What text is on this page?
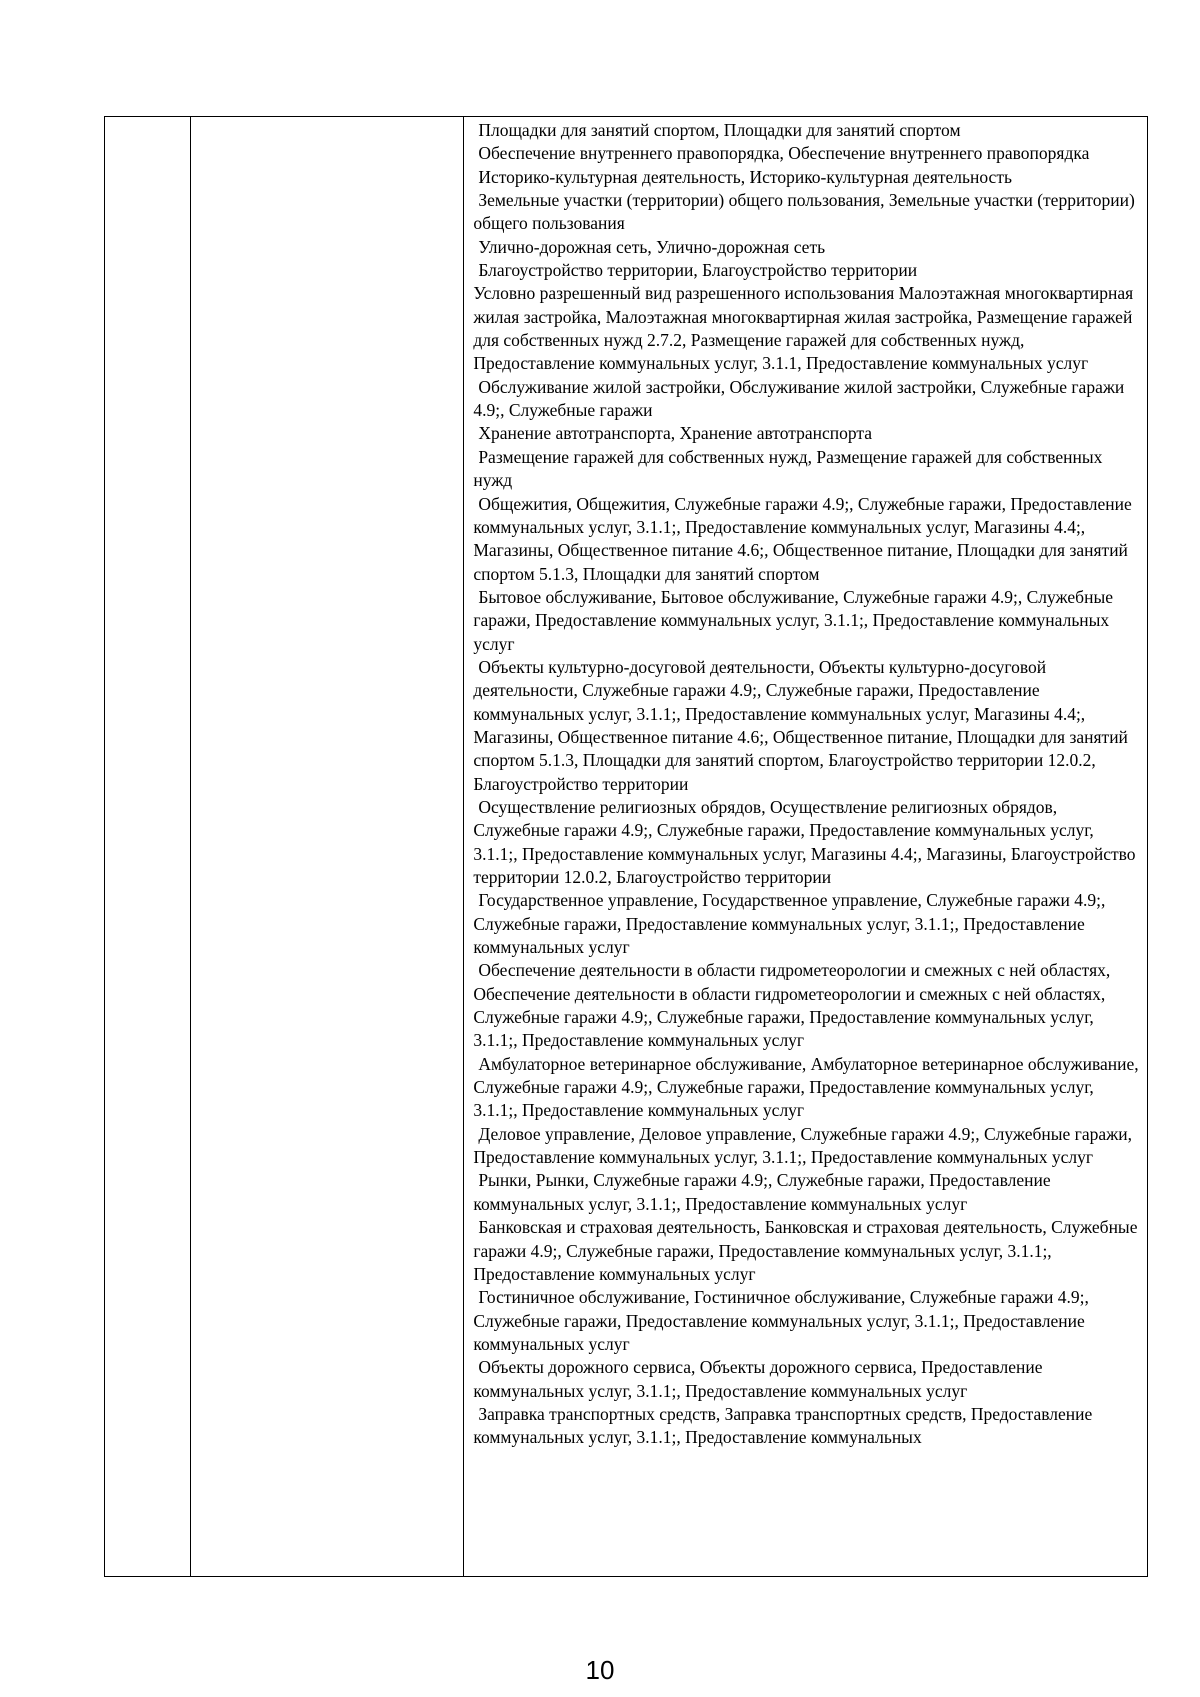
Площадки для занятий спортом, Площадки для занятий спортом

Обеспечение внутреннего правопорядка, Обеспечение внутреннего правопорядка

Историко-культурная деятельность, Историко-культурная деятельность

Земельные участки (территории) общего пользования, Земельные участки (территории) общего пользования

Улично-дорожная сеть, Улично-дорожная сеть

Благоустройство территории, Благоустройство территории

Условно разрешенный вид разрешенного использования Малоэтажная многоквартирная жилая застройка, Малоэтажная многоквартирная жилая застройка, Размещение гаражей для собственных нужд 2.7.2, Размещение гаражей для собственных нужд, Предоставление коммунальных услуг, 3.1.1, Предоставление коммунальных услуг

Обслуживание жилой застройки, Обслуживание жилой застройки, Служебные гаражи 4.9;, Служебные гаражи

Хранение автотранспорта, Хранение автотранспорта

Размещение гаражей для собственных нужд, Размещение гаражей для собственных нужд

Общежития, Общежития, Служебные гаражи 4.9;, Служебные гаражи, Предоставление коммунальных услуг, 3.1.1;, Предоставление коммунальных услуг, Магазины 4.4;, Магазины, Общественное питание 4.6;, Общественное питание, Площадки для занятий спортом 5.1.3, Площадки для занятий спортом

Бытовое обслуживание, Бытовое обслуживание, Служебные гаражи 4.9;, Служебные гаражи, Предоставление коммунальных услуг, 3.1.1;, Предоставление коммунальных услуг

Объекты культурно-досуговой деятельности, Объекты культурно-досуговой деятельности, Служебные гаражи 4.9;, Служебные гаражи, Предоставление коммунальных услуг, 3.1.1;, Предоставление коммунальных услуг, Магазины 4.4;, Магазины, Общественное питание 4.6;, Общественное питание, Площадки для занятий спортом 5.1.3, Площадки для занятий спортом, Благоустройство территории 12.0.2, Благоустройство территории

Осуществление религиозных обрядов, Осуществление религиозных обрядов, Служебные гаражи 4.9;, Служебные гаражи, Предоставление коммунальных услуг, 3.1.1;, Предоставление коммунальных услуг, Магазины 4.4;, Магазины, Благоустройство территории 12.0.2, Благоустройство территории

Государственное управление, Государственное управление, Служебные гаражи 4.9;, Служебные гаражи, Предоставление коммунальных услуг, 3.1.1;, Предоставление коммунальных услуг

Обеспечение деятельности в области гидрометеорологии и смежных с ней областях, Обеспечение деятельности в области гидрометеорологии и смежных с ней областях, Служебные гаражи 4.9;, Служебные гаражи, Предоставление коммунальных услуг, 3.1.1;, Предоставление коммунальных услуг

Амбулаторное ветеринарное обслуживание, Амбулаторное ветеринарное обслуживание, Служебные гаражи 4.9;, Служебные гаражи, Предоставление коммунальных услуг, 3.1.1;, Предоставление коммунальных услуг

Деловое управление, Деловое управление, Служебные гаражи 4.9;, Служебные гаражи, Предоставление коммунальных услуг, 3.1.1;, Предоставление коммунальных услуг

Рынки, Рынки, Служебные гаражи 4.9;, Служебные гаражи, Предоставление коммунальных услуг, 3.1.1;, Предоставление коммунальных услуг

Банковская и страховая деятельность, Банковская и страховая деятельность, Служебные гаражи 4.9;, Служебные гаражи, Предоставление коммунальных услуг, 3.1.1;, Предоставление коммунальных услуг

Гостиничное обслуживание, Гостиничное обслуживание, Служебные гаражи 4.9;, Служебные гаражи, Предоставление коммунальных услуг, 3.1.1;, Предоставление коммунальных услуг

Объекты дорожного сервиса, Объекты дорожного сервиса, Предоставление коммунальных услуг, 3.1.1;, Предоставление коммунальных услуг

Заправка транспортных средств, Заправка транспортных средств, Предоставление коммунальных услуг, 3.1.1;, Предоставление коммунальных

10
